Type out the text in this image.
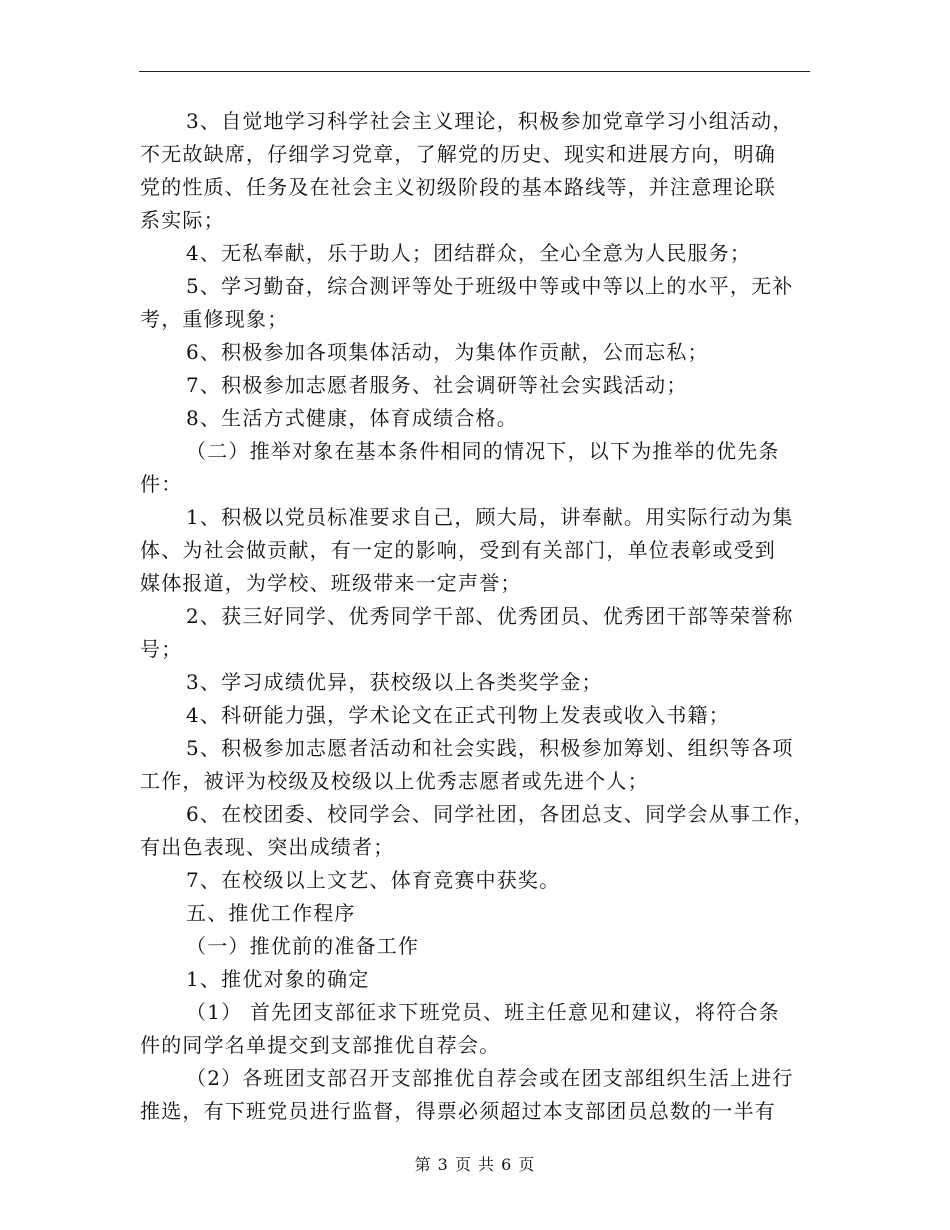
3、自觉地学习科学社会主义理论，积极参加党章学习小组活动，
不无故缺席，仔细学习党章，了解党的历史、现实和进展方向，明确
党的性质、任务及在社会主义初级阶段的基本路线等，并注意理论联
系实际；
4、无私奉献，乐于助人；团结群众，全心全意为人民服务；
5、学习勤奋，综合测评等处于班级中等或中等以上的水平，无补
考，重修现象；
6、积极参加各项集体活动，为集体作贡献，公而忘私；
7、积极参加志愿者服务、社会调研等社会实践活动；
8、生活方式健康，体育成绩合格。
（二）推举对象在基本条件相同的情况下，以下为推举的优先条
件：
1、积极以党员标准要求自己，顾大局，讲奉献。用实际行动为集
体、为社会做贡献，有一定的影响，受到有关部门，单位表彰或受到
媒体报道，为学校、班级带来一定声誉；
2、获三好同学、优秀同学干部、优秀团员、优秀团干部等荣誉称
号；
3、学习成绩优异，获校级以上各类奖学金；
4、科研能力强，学术论文在正式刊物上发表或收入书籍；
5、积极参加志愿者活动和社会实践，积极参加筹划、组织等各项
工作，被评为校级及校级以上优秀志愿者或先进个人；
6、在校团委、校同学会、同学社团，各团总支、同学会从事工作，
有出色表现、突出成绩者；
7、在校级以上文艺、体育竞赛中获奖。
五、推优工作程序
（一）推优前的准备工作
1、推优对象的确定
（1） 首先团支部征求下班党员、班主任意见和建议，将符合条
件的同学名单提交到支部推优自荐会。
（2）各班团支部召开支部推优自荐会或在团支部组织生活上进行
推选，有下班党员进行监督，得票必须超过本支部团员总数的一半有
第 3 页 共 6 页
